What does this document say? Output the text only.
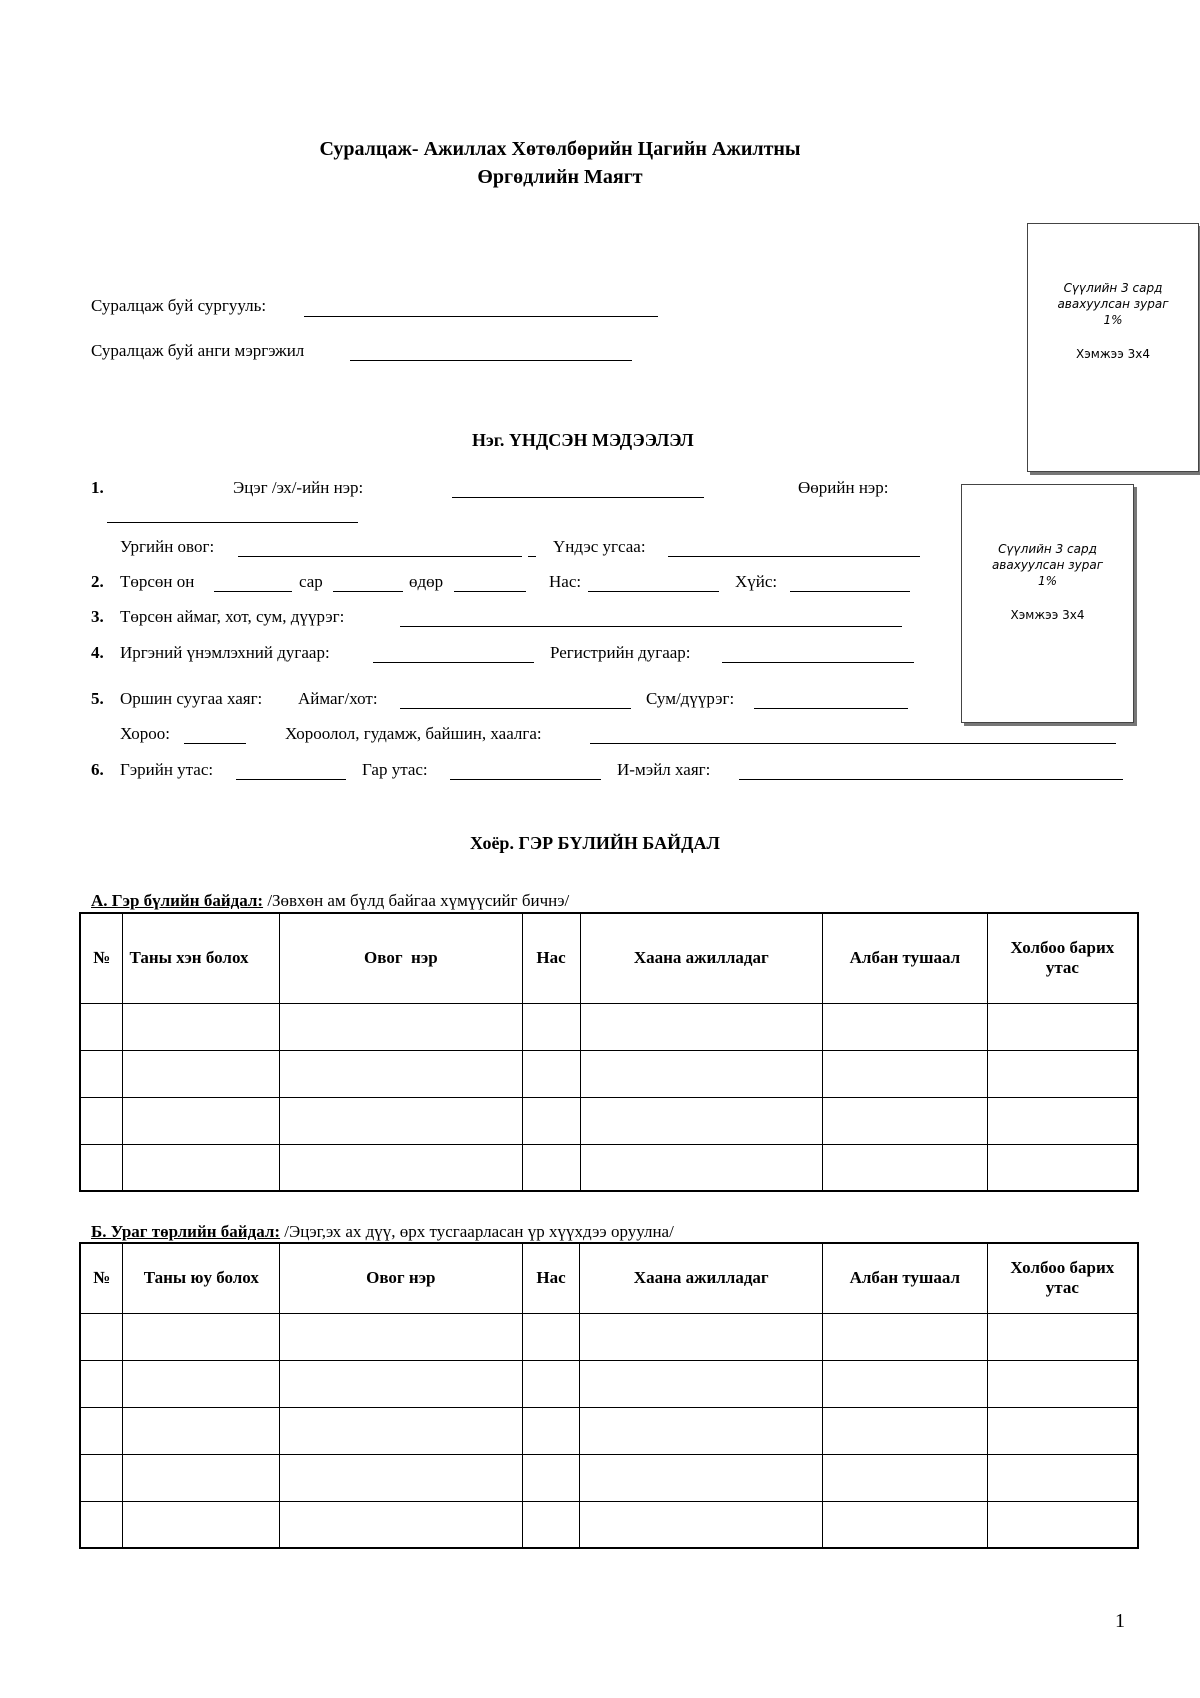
Суралцаж- Ажиллах Хөтөлбөрийн Цагийн Ажилтны
Өргөдлийн Маягт
Сүүлийн 3 сард авахуулсан зураг 1%
Хэмжээ 3х4
Сүүлийн 3 сард авахуулсан зураг 1%
Хэмжээ 3х4
Суралцаж буй сургууль:
Суралцаж буй анги мэргэжил
Нэг. ҮНДСЭН МЭДЭЭЛЭЛ
1.	Эцэг /эх/-ийн нэр:	Өөрийн нэр:
Ургийн овог:	Үндэс угсаа:
2. Төрсөн он	сар	өдөр	Нас:	Хүйс:
3. Төрсөн аймаг, хот, сум, дүүрэг:
4. Иргэний үнэмлэхний дугаар:	Регистрийн дугаар:
5. Оршин суугаа хаяг: Аймаг/хот:	Сум/дүүрэг:
Хороо:	Хороолол, гудамж, байшин, хаалга:
6. Гэрийн утас:	Гар утас:	И-мэйл хаяг:
Хоёр. ГЭР БҮЛИЙН БАЙДАЛ
А. Гэр бүлийн байдал: /Зөвхөн ам бүлд байгаа хүмүүсийг бичнэ/
№	Таны хэн болох	Овог  нэр	Нас	Хаана ажилладаг	Албан тушаал	Холбоо барих утас

Б. Ураг төрлийн байдал: /Эцэг,эх ах дүү, өрх тусгаарласан үр хүүхдээ оруулна/
№	Таны юу болох	Овог нэр	Нас	Хаана ажилладаг	Албан тушаал	Холбоо барих утас

1
